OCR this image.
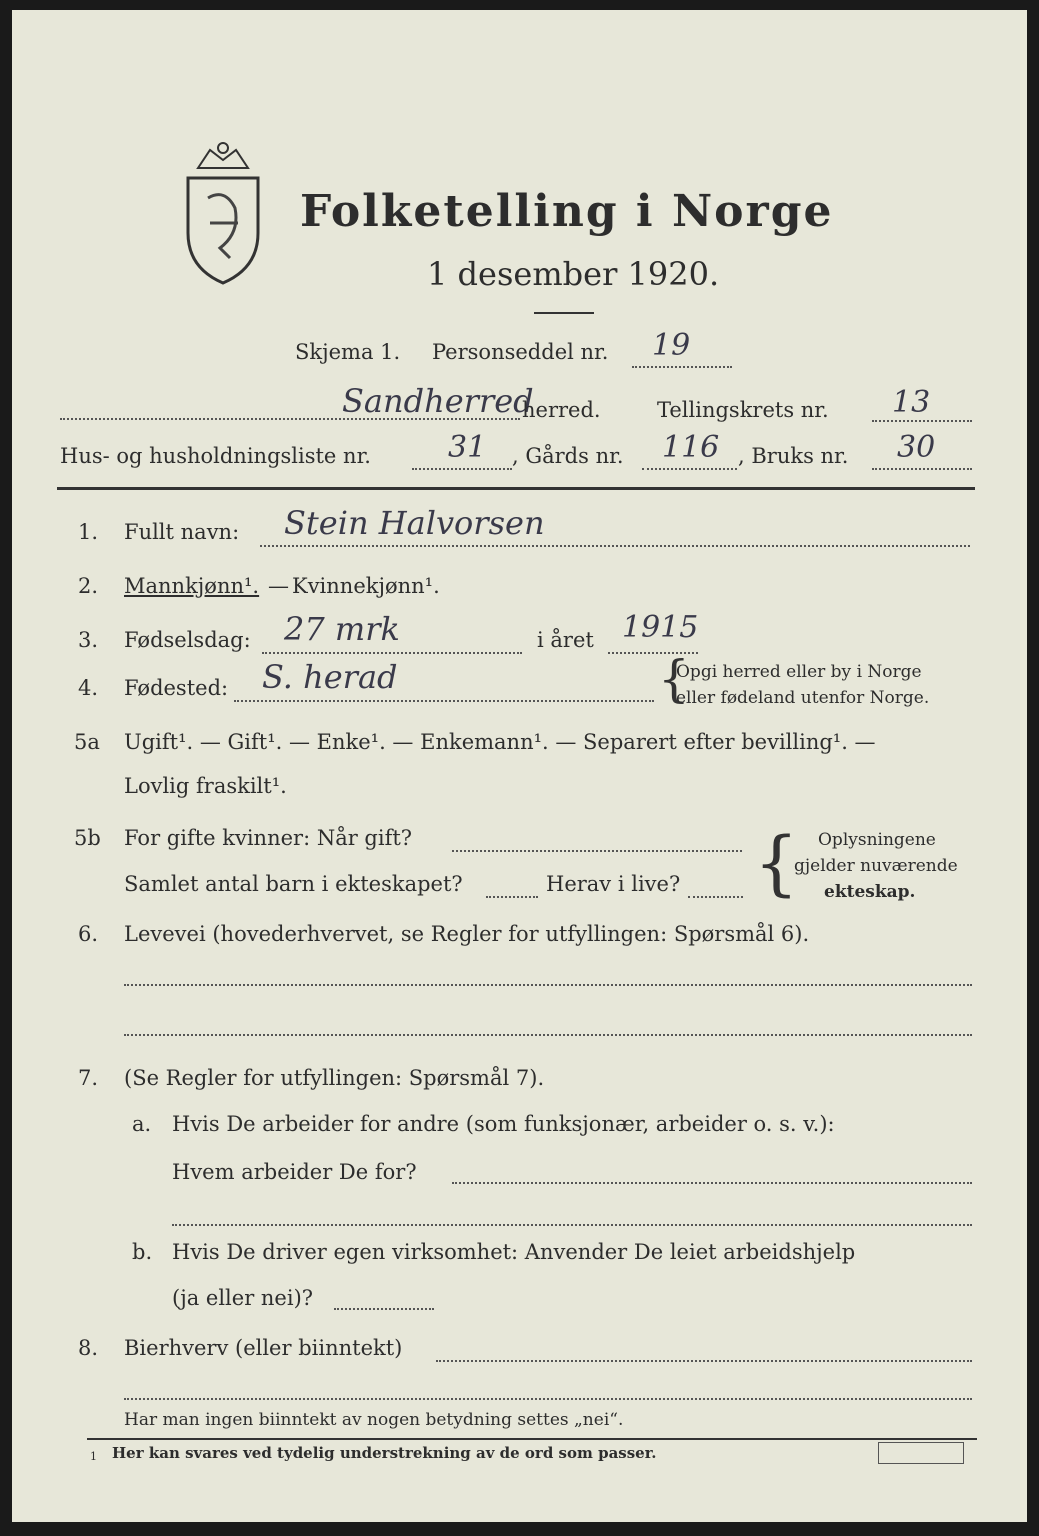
Folketelling i Norge
1 desember 1920.
Skjema 1. Personseddel nr. 19
Sandherred
herred.	Tellingskrets nr. 13
Hus- og husholdningsliste nr.	31 , Gårds nr. 116 , Bruks nr. 30
1. Fullt navn: Stein Halvorsen
2. Mannkjønn¹. — Kvinnekjønn¹.
3. Fødselsdag: 27 mrk	i året 1915
4. Fødested: S. herad	{
Opgi herred eller by i Norge
eller fødeland utenfor Norge.
5a Ugift¹. — Gift¹. — Enke¹. — Enkemann¹. — Separert efter bevilling¹. —
Lovlig fraskilt¹.
5b For gifte kvinner: Når gift?
Samlet antal barn i ekteskapet?	Herav i live? { Oplysningene
gjelder nuværende
ekteskap.
6. Levevei (hovederhvervet, se Regler for utfyllingen: Spørsmål 6).
7. (Se Regler for utfyllingen: Spørsmål 7).
a. Hvis De arbeider for andre (som funksjonær, arbeider o. s. v.):
Hvem arbeider De for?
b. Hvis De driver egen virksomhet: Anvender De leiet arbeidshjelp
(ja eller nei)?
8. Bierhverv (eller biinntekt)
Har man ingen biinntekt av nogen betydning settes „nei“.
1 Her kan svares ved tydelig understrekning av de ord som passer.
